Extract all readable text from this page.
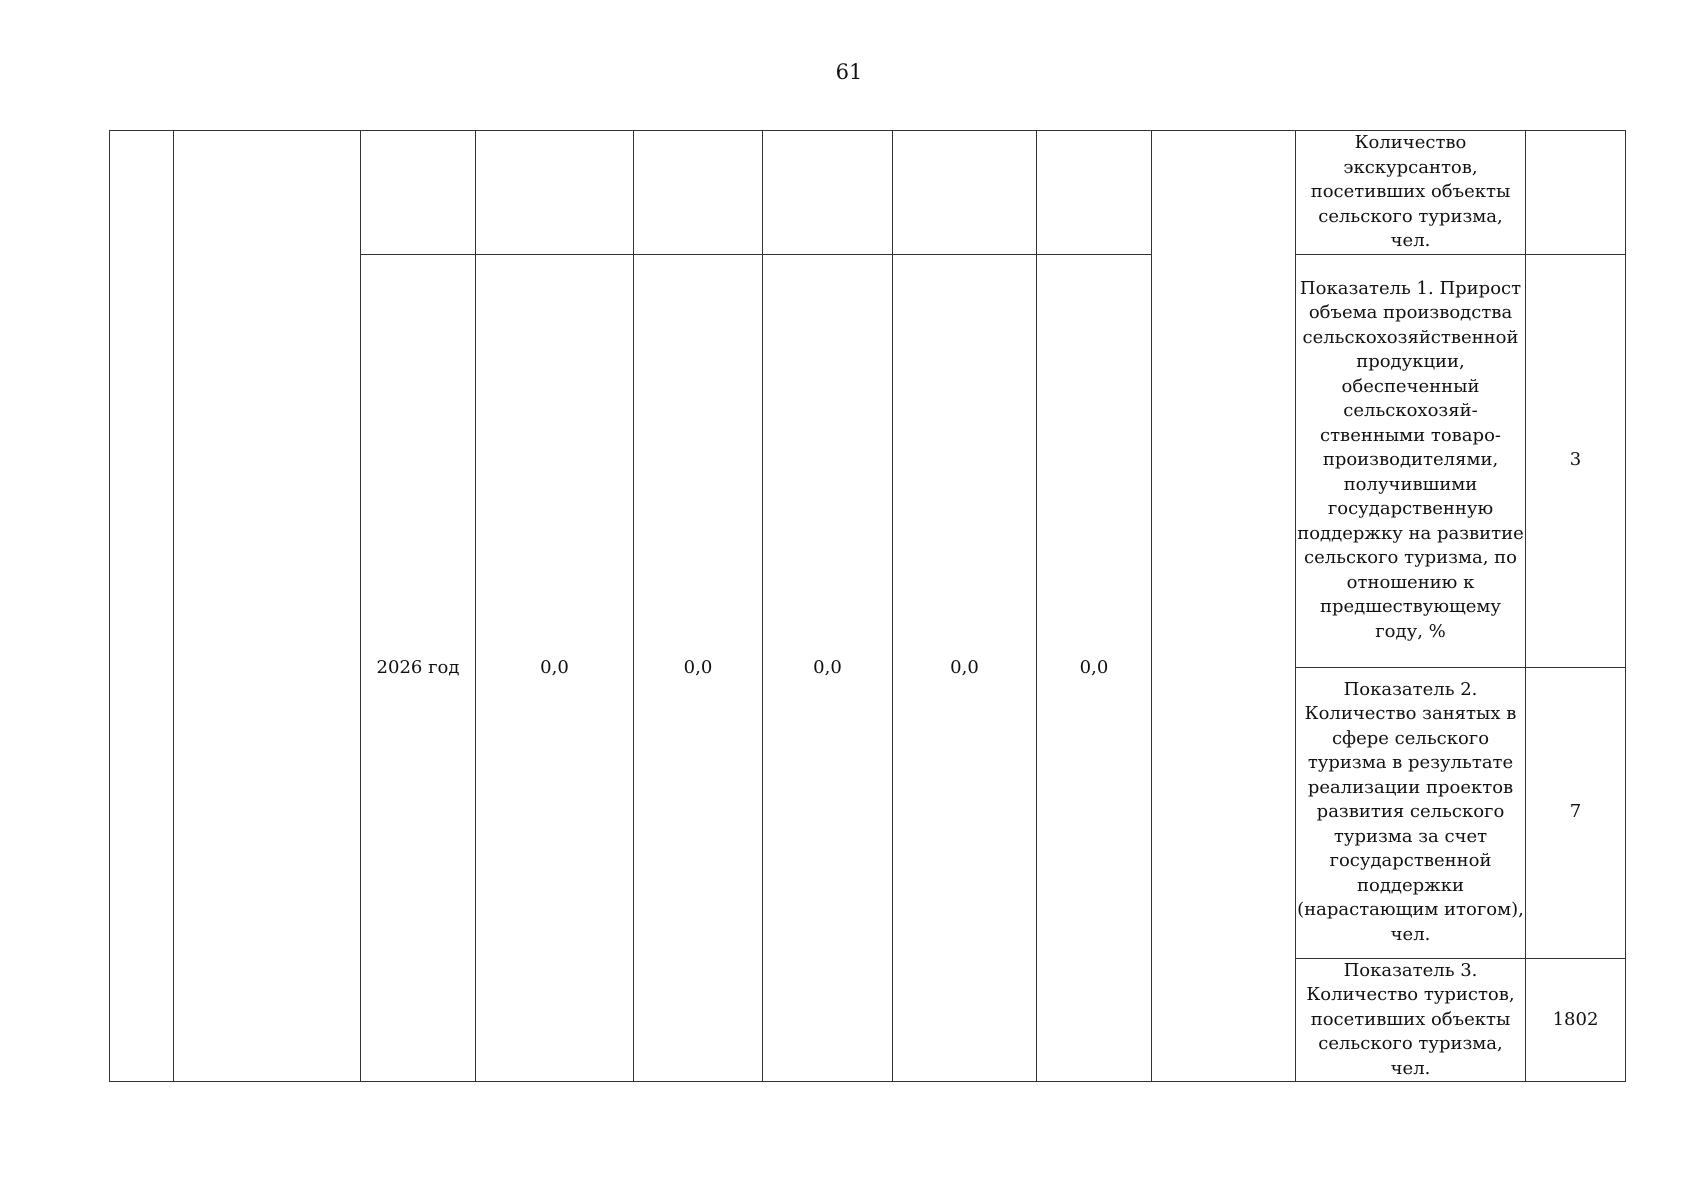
61
									Количество экскурсантов, посетивших объекты сельского туризма, чел.	
		2026 год	0,0	0,0	0,0	0,0	0,0		Показатель 1. Прирост объема производства сельскохозяйственной продукции, обеспеченный сельскохозяй-ственными товаро-производителями, получившими государственную поддержку на развитие сельского туризма, по отношению к предшествующему году, %	3
									Показатель 2. Количество занятых в сфере сельского туризма в результате реализации проектов развития сельского туризма за счет государственной поддержки (нарастающим итогом), чел.	7
									Показатель 3. Количество туристов, посетивших объекты сельского туризма, чел.	1802
